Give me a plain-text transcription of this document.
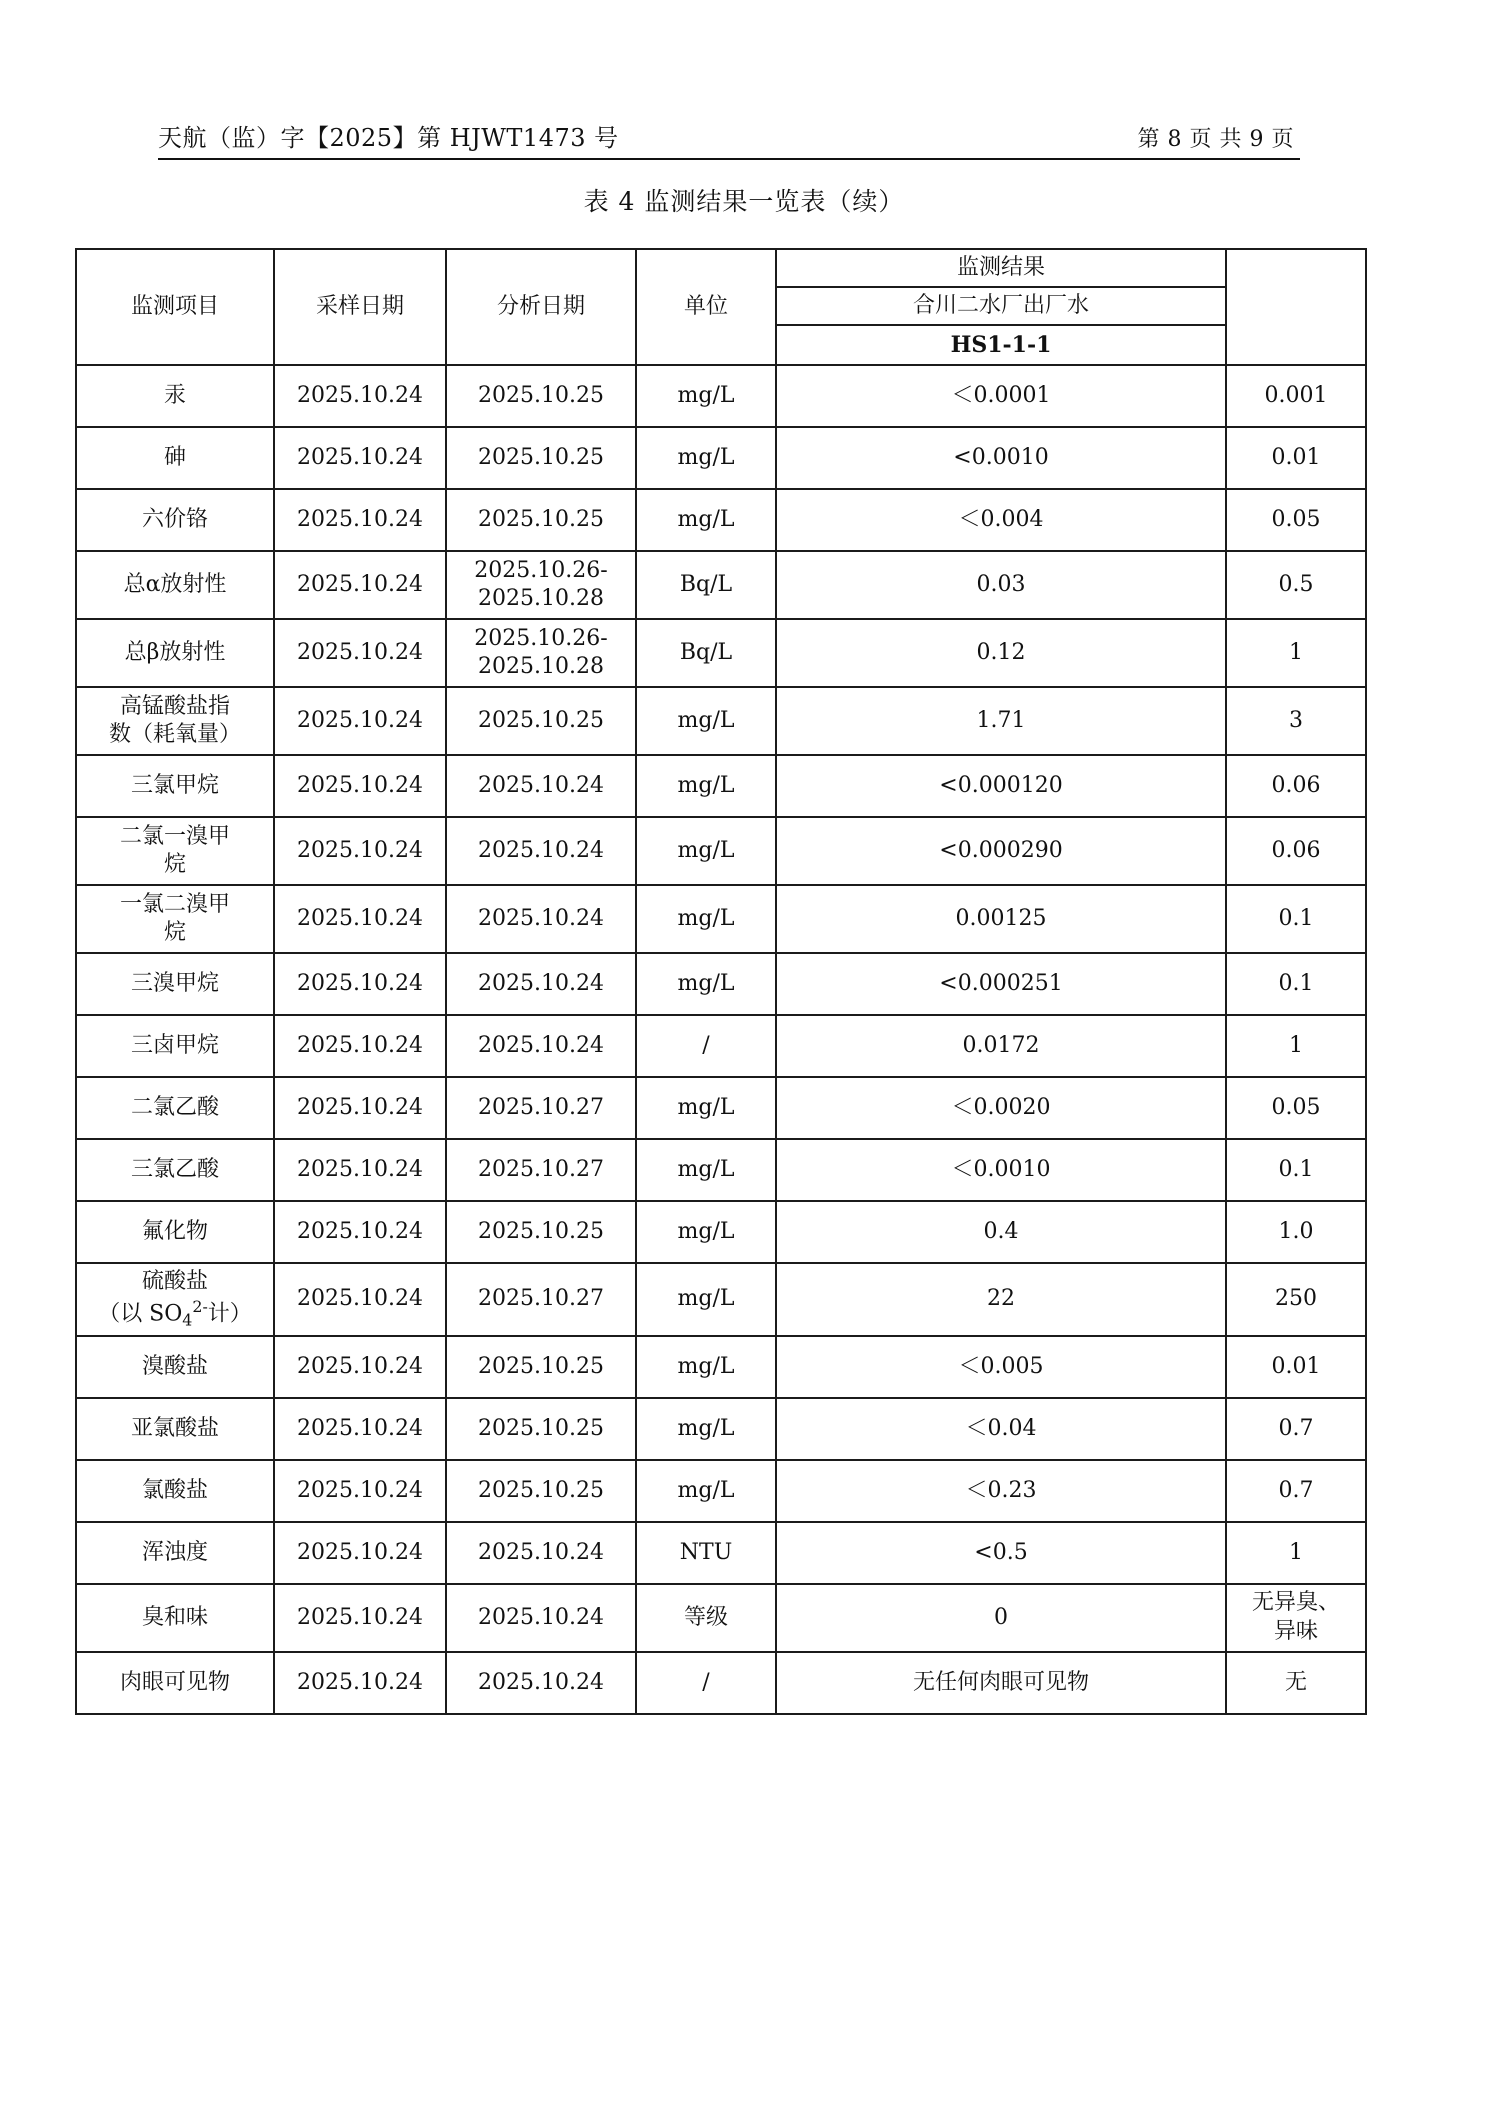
天航（监）字【2025】第 HJWT1473 号	第 8 页 共 9 页
表 4 监测结果一览表（续）
监测项目	采样日期	分析日期	单位	监测结果
合川二水厂出厂水
HS1-1-1	

汞	2025.10.24	2025.10.25	mg/L	＜0.0001	0.001
砷	2025.10.24	2025.10.25	mg/L	<0.0010	0.01
六价铬	2025.10.24	2025.10.25	mg/L	＜0.004	0.05
总α放射性	2025.10.24	2025.10.26-
2025.10.28	Bq/L	0.03	0.5
总β放射性	2025.10.24	2025.10.26-
2025.10.28	Bq/L	0.12	1
高锰酸盐指
数（耗氧量）	2025.10.24	2025.10.25	mg/L	1.71	3
三氯甲烷	2025.10.24	2025.10.24	mg/L	<0.000120	0.06
二氯一溴甲
烷	2025.10.24	2025.10.24	mg/L	<0.000290	0.06
一氯二溴甲
烷	2025.10.24	2025.10.24	mg/L	0.00125	0.1
三溴甲烷	2025.10.24	2025.10.24	mg/L	<0.000251	0.1
三卤甲烷	2025.10.24	2025.10.24	/	0.0172	1
二氯乙酸	2025.10.24	2025.10.27	mg/L	＜0.0020	0.05
三氯乙酸	2025.10.24	2025.10.27	mg/L	＜0.0010	0.1
氟化物	2025.10.24	2025.10.25	mg/L	0.4	1.0
硫酸盐
（以 $SO_4^{2-}$计）	2025.10.24	2025.10.27	mg/L	22	250
溴酸盐	2025.10.24	2025.10.25	mg/L	＜0.005	0.01
亚氯酸盐	2025.10.24	2025.10.25	mg/L	＜0.04	0.7
氯酸盐	2025.10.24	2025.10.25	mg/L	＜0.23	0.7
浑浊度	2025.10.24	2025.10.24	NTU	<0.5	1
臭和味	2025.10.24	2025.10.24	等级	0	无异臭、
异味
肉眼可见物	2025.10.24	2025.10.24	/	无任何肉眼可见物	无
